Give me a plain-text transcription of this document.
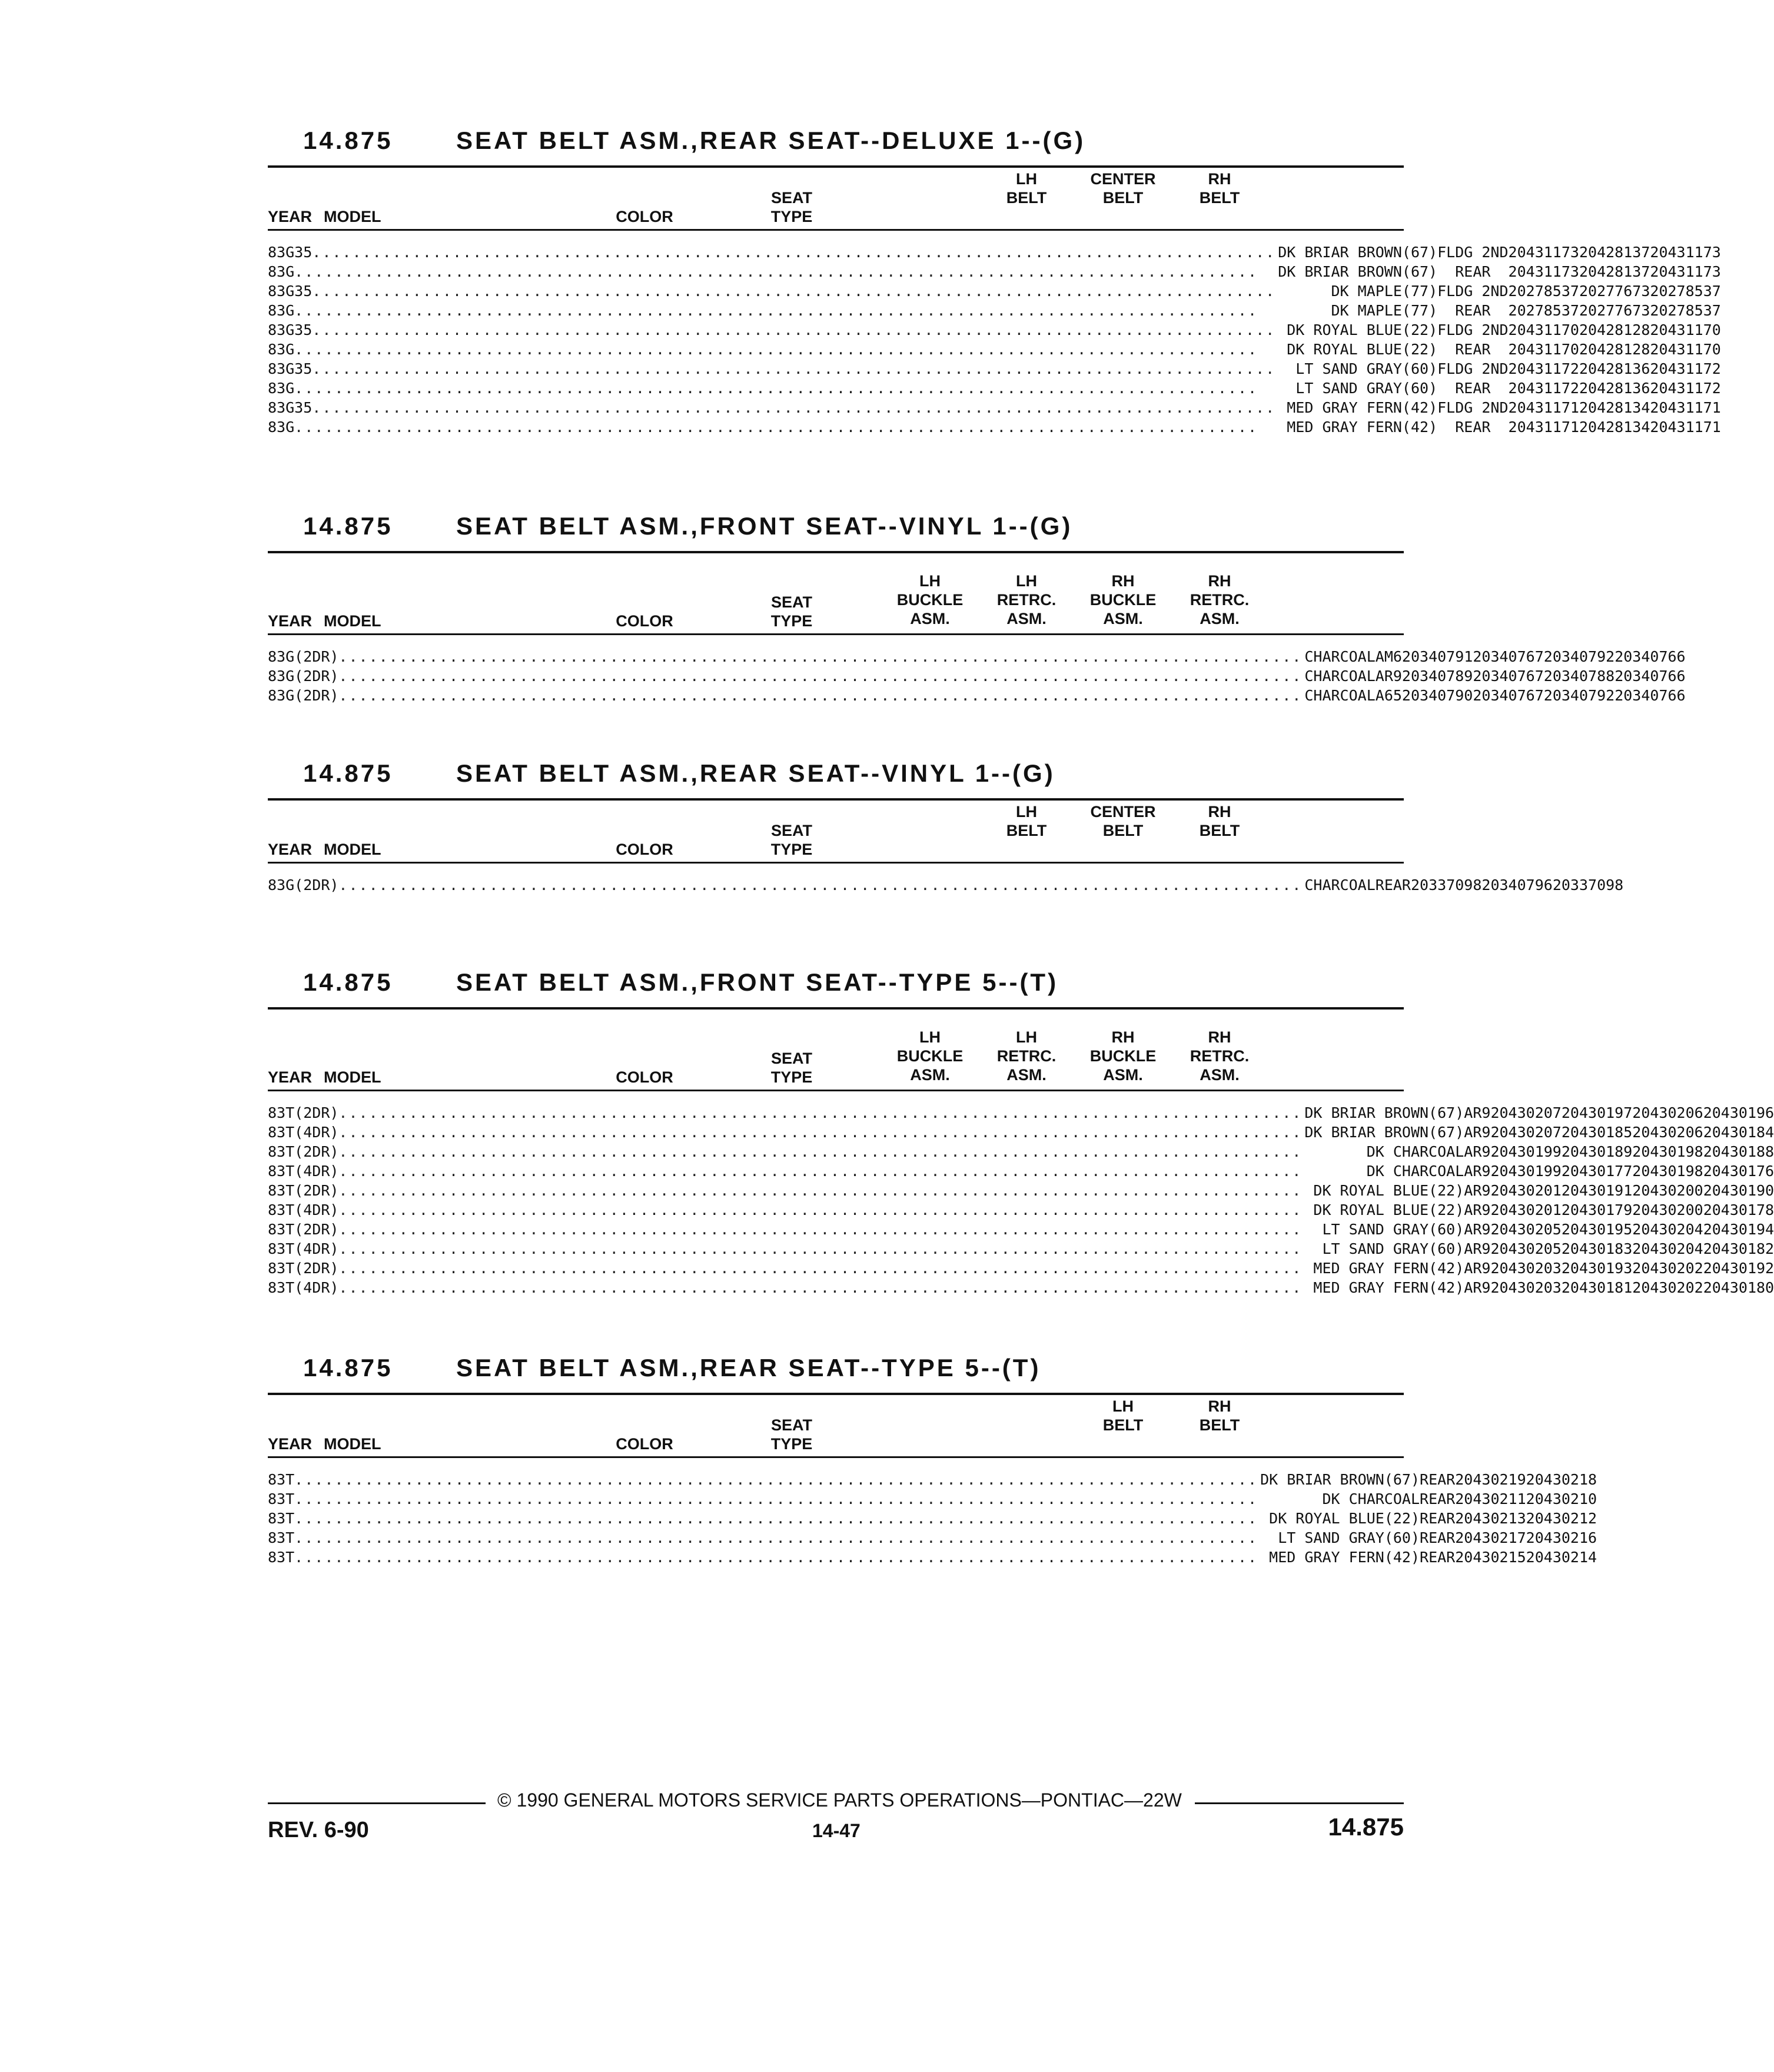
14.875	SEAT BELT ASM.,REAR SEAT--DELUXE 1--(G)
YEAR MODEL	COLOR
SEAT
TYPE
LH
BELT
CENTER
BELT
RH
BELT
83	G35 ..... DK BRIAR BROWN(67)	FLDG 2ND		20431173	20428137	20431173
83	G ..... DK BRIAR BROWN(67)	REAR		20431173	20428137	20431173
83	G35 ..... DK MAPLE(77)	FLDG 2ND		20278537	20277673	20278537
83	G ..... DK MAPLE(77)	REAR		20278537	20277673	20278537
83	G35 ..... DK ROYAL BLUE(22)	FLDG 2ND		20431170	20428128	20431170
83	G ..... DK ROYAL BLUE(22)	REAR		20431170	20428128	20431170
83	G35 ..... LT SAND GRAY(60)	FLDG 2ND		20431172	20428136	20431172
83	G ..... LT SAND GRAY(60)	REAR		20431172	20428136	20431172
83	G35 ..... MED GRAY FERN(42)	FLDG 2ND		20431171	20428134	20431171
83	G ..... MED GRAY FERN(42)	REAR		20431171	20428134	20431171
14.875	SEAT BELT ASM.,FRONT SEAT--VINYL 1--(G)
YEAR MODEL	COLOR
SEAT
TYPE
LH
BUCKLE
ASM.
LH
RETRC.
ASM.
RH
BUCKLE
ASM.
RH
RETRC.
ASM.
83	G(2DR) ..... CHARCOAL	AM6	20340791	20340767	20340792	20340766
83	G(2DR) ..... CHARCOAL	AR9	20340789	20340767	20340788	20340766
83	G(2DR) ..... CHARCOAL	A65	20340790	20340767	20340792	20340766
14.875	SEAT BELT ASM.,REAR SEAT--VINYL 1--(G)
YEAR MODEL	COLOR
SEAT
TYPE
LH
BELT
CENTER
BELT
RH
BELT
83	G(2DR) .....	CHARCOAL	REAR		20337098	20340796	20337098
14.875	SEAT BELT ASM.,FRONT SEAT--TYPE 5--(T)
YEAR MODEL	COLOR
SEAT
TYPE
LH
BUCKLE
ASM.
LH
RETRC.
ASM.
RH
BUCKLE
ASM.
RH
RETRC.
ASM.
83	T(2DR) ..... DK BRIAR BROWN(67)	AR9	20430207	20430197	20430206	20430196
83	T(4DR) ..... DK BRIAR BROWN(67)	AR9	20430207	20430185	20430206	20430184
83	T(2DR) ..... DK CHARCOAL	AR9	20430199	20430189	20430198	20430188
83	T(4DR) ..... DK CHARCOAL	AR9	20430199	20430177	20430198	20430176
83	T(2DR) ..... DK ROYAL BLUE(22)	AR9	20430201	20430191	20430200	20430190
83	T(4DR) ..... DK ROYAL BLUE(22)	AR9	20430201	20430179	20430200	20430178
83	T(2DR) ..... LT SAND GRAY(60)	AR9	20430205	20430195	20430204	20430194
83	T(4DR) ..... LT SAND GRAY(60)	AR9	20430205	20430183	20430204	20430182
83	T(2DR) ..... MED GRAY FERN(42)	AR9	20430203	20430193	20430202	20430192
83	T(4DR) ..... MED GRAY FERN(42)	AR9	20430203	20430181	20430202	20430180
14.875	SEAT BELT ASM.,REAR SEAT--TYPE 5--(T)
YEAR MODEL	COLOR
SEAT
TYPE
LH
BELT
RH
BELT
83	T ..... DK BRIAR BROWN(67)	REAR			20430219	20430218
83	T ..... DK CHARCOAL	REAR			20430211	20430210
83	T ..... DK ROYAL BLUE(22)	REAR			20430213	20430212
83	T ..... LT SAND GRAY(60)	REAR			20430217	20430216
83	T ..... MED GRAY FERN(42)	REAR			20430215	20430214
© 1990 GENERAL MOTORS SERVICE PARTS OPERATIONS—PONTIAC—22W
REV. 6-90	14-47	14.875
